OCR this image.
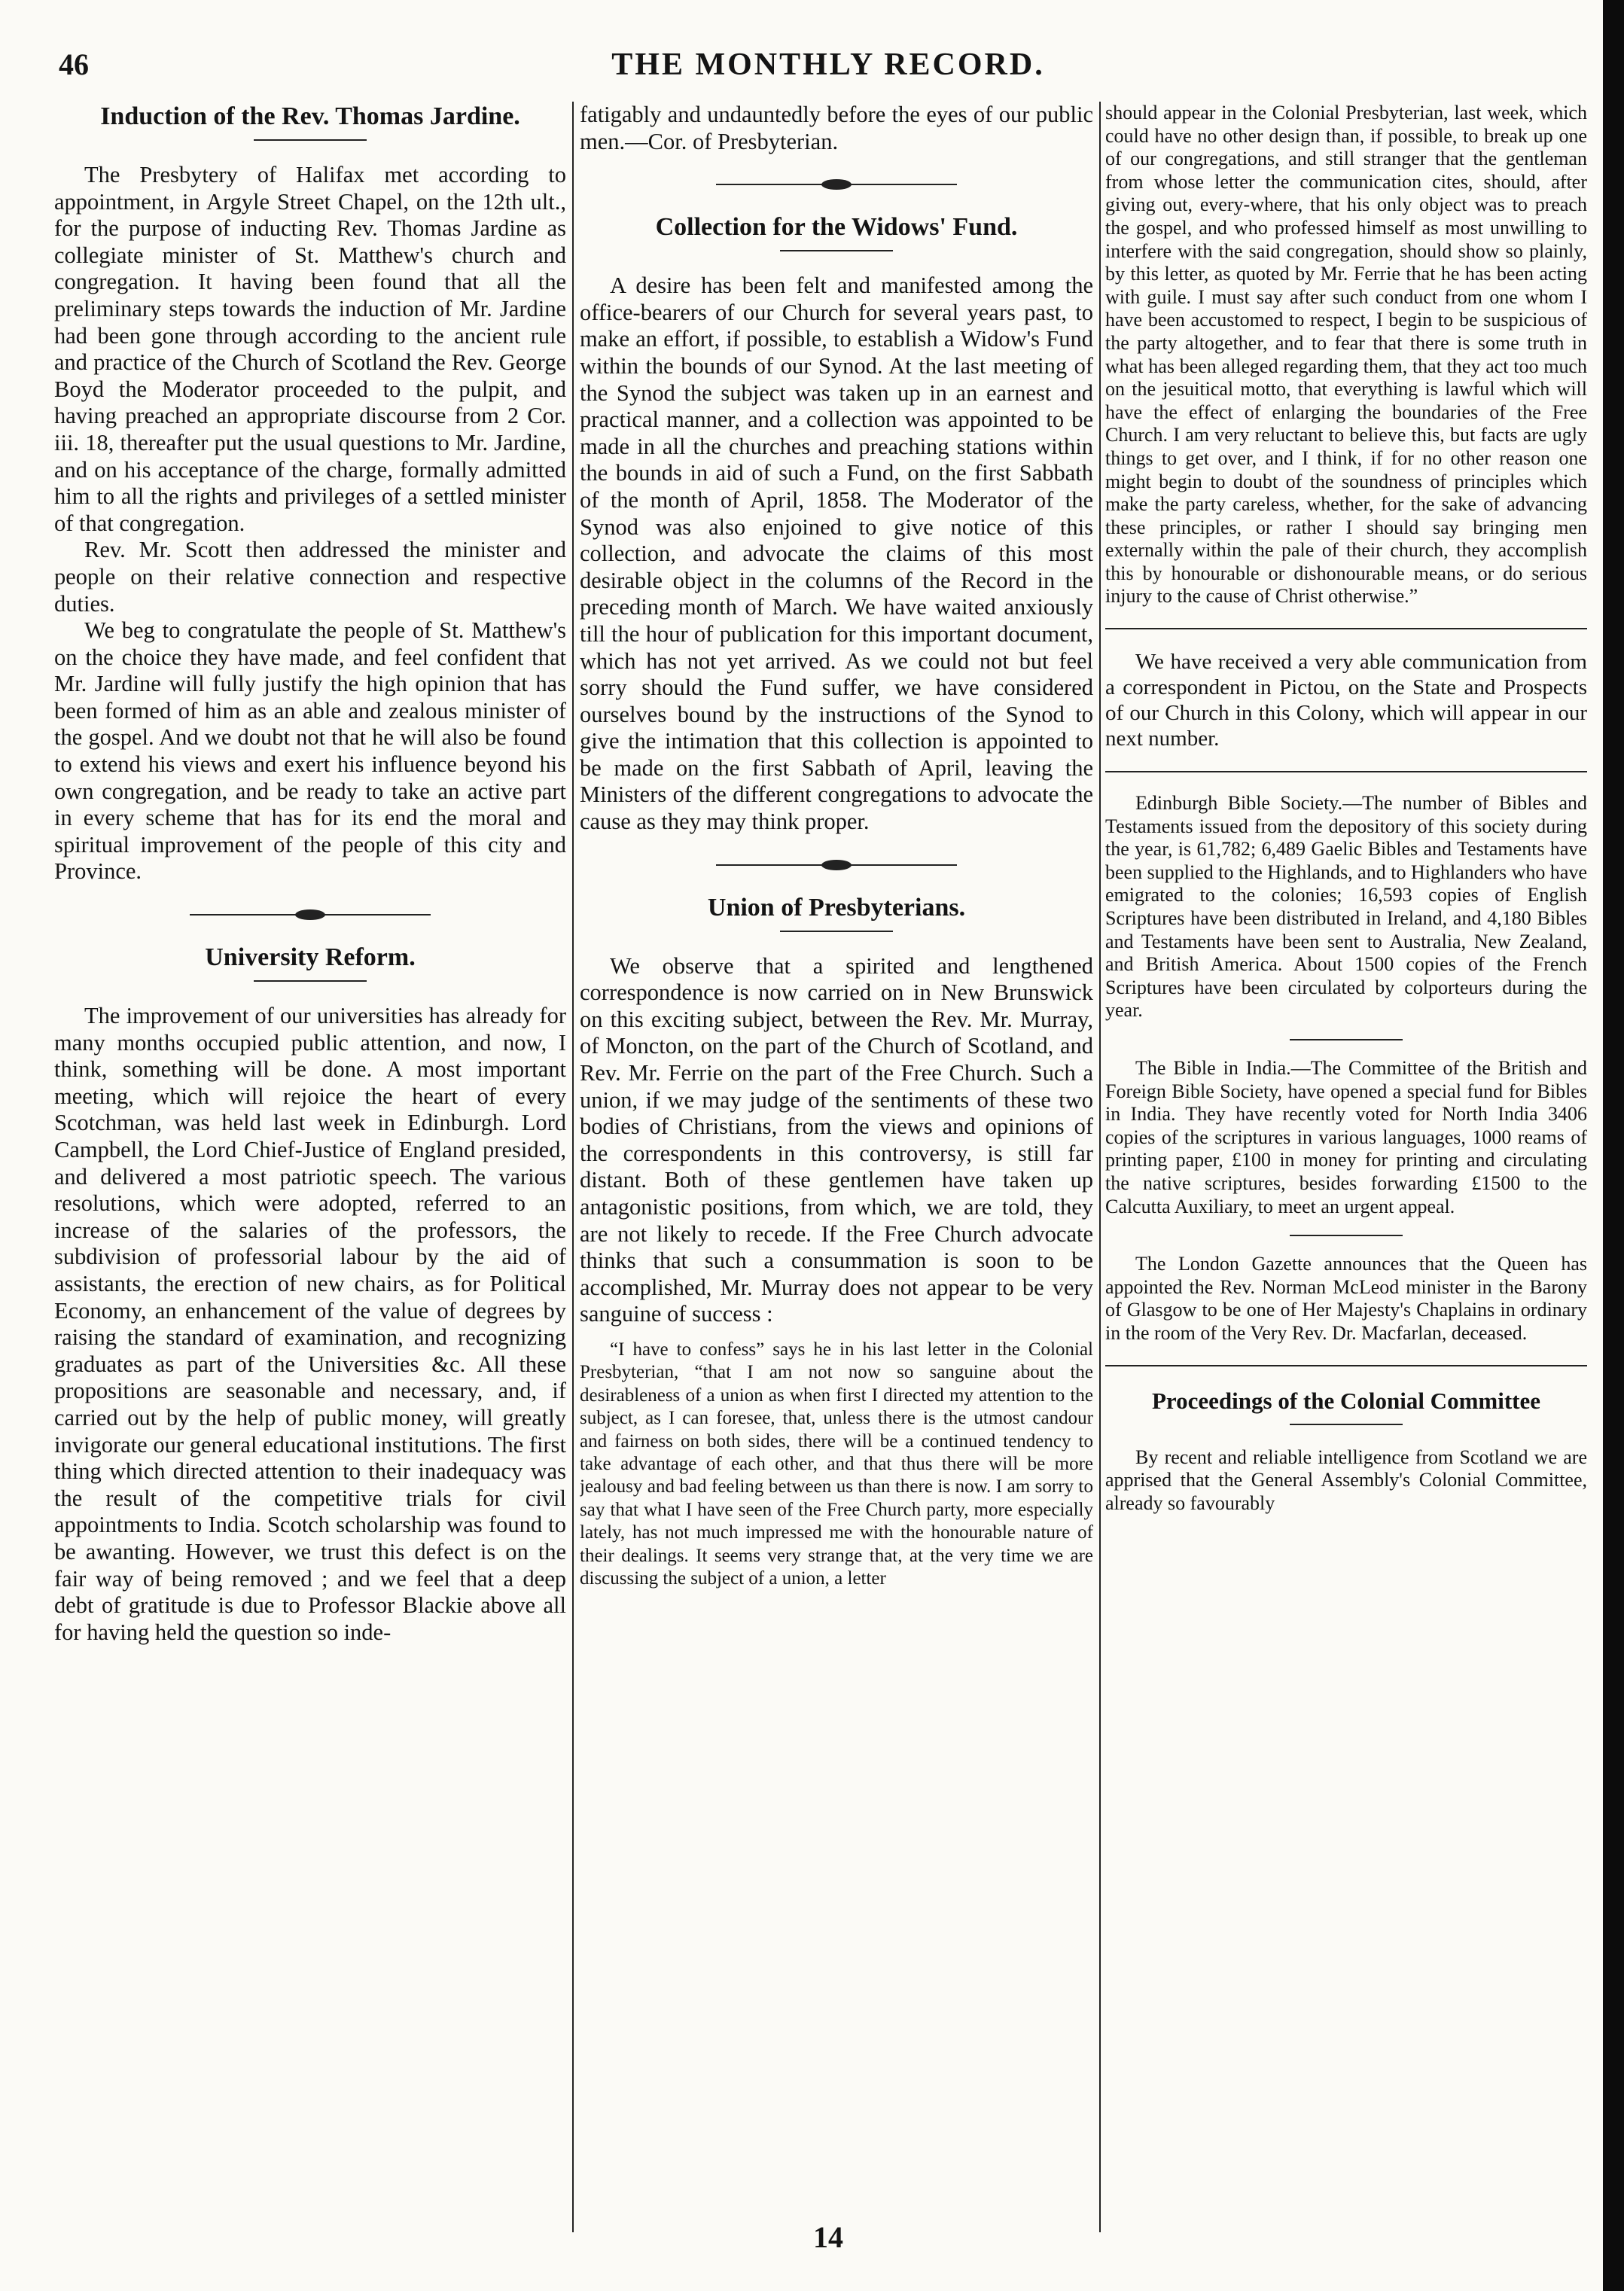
46	THE MONTHLY RECORD.
Induction of the Rev. Thomas Jardine.

The Presbytery of Halifax met according to appointment, in Argyle Street Chapel, on the 12th ult., for the purpose of inducting Rev. Thomas Jardine as collegiate minister of St. Matthew's church and congregation. It having been found that all the preliminary steps towards the induction of Mr. Jardine had been gone through according to the ancient rule and practice of the Church of Scotland the Rev. George Boyd the Moderator proceeded to the pulpit, and having preached an appropriate discourse from 2 Cor. iii. 18, thereafter put the usual questions to Mr. Jardine, and on his acceptance of the charge, formally admitted him to all the rights and privileges of a settled minister of that congregation.

Rev. Mr. Scott then addressed the minister and people on their relative connection and respective duties.

We beg to congratulate the people of St. Matthew's on the choice they have made, and feel confident that Mr. Jardine will fully justify the high opinion that has been formed of him as an able and zealous minister of the gospel. And we doubt not that he will also be found to extend his views and exert his influence beyond his own congregation, and be ready to take an active part in every scheme that has for its end the moral and spiritual improvement of the people of this city and Province.

University Reform.

The improvement of our universities has already for many months occupied public attention, and now, I think, something will be done. A most important meeting, which will rejoice the heart of every Scotchman, was held last week in Edinburgh. Lord Campbell, the Lord Chief-Justice of England presided, and delivered a most patriotic speech. The various resolutions, which were adopted, referred to an increase of the salaries of the professors, the subdivision of professorial labour by the aid of assistants, the erection of new chairs, as for Political Economy, an enhancement of the value of degrees by raising the standard of examination, and recognizing graduates as part of the Universities &c. All these propositions are seasonable and necessary, and, if carried out by the help of public money, will greatly invigorate our general educational institutions. The first thing which directed attention to their inadequacy was the result of the competitive trials for civil appointments to India. Scotch scholarship was found to be awanting. However, we trust this defect is on the fair way of being removed ; and we feel that a deep debt of gratitude is due to Professor Blackie above all for having held the question so inde-

fatigably and undauntedly before the eyes of our public men.—Cor. of Presbyterian.

Collection for the Widows' Fund.

A desire has been felt and manifested among the office-bearers of our Church for several years past, to make an effort, if possible, to establish a Widow's Fund within the bounds of our Synod. At the last meeting of the Synod the subject was taken up in an earnest and practical manner, and a collection was appointed to be made in all the churches and preaching stations within the bounds in aid of such a Fund, on the first Sabbath of the month of April, 1858. The Moderator of the Synod was also enjoined to give notice of this collection, and advocate the claims of this most desirable object in the columns of the Record in the preceding month of March. We have waited anxiously till the hour of publication for this important document, which has not yet arrived. As we could not but feel sorry should the Fund suffer, we have considered ourselves bound by the instructions of the Synod to give the intimation that this collection is appointed to be made on the first Sabbath of April, leaving the Ministers of the different congregations to advocate the cause as they may think proper.

Union of Presbyterians.

We observe that a spirited and lengthened correspondence is now carried on in New Brunswick on this exciting subject, between the Rev. Mr. Murray, of Moncton, on the part of the Church of Scotland, and Rev. Mr. Ferrie on the part of the Free Church. Such a union, if we may judge of the sentiments of these two bodies of Christians, from the views and opinions of the correspondents in this controversy, is still far distant. Both of these gentlemen have taken up antagonistic positions, from which, we are told, they are not likely to recede. If the Free Church advocate thinks that such a consummation is soon to be accomplished, Mr. Murray does not appear to be very sanguine of success :

“I have to confess” says he in his last letter in the Colonial Presbyterian, “that I am not now so sanguine about the desirableness of a union as when first I directed my attention to the subject, as I can foresee, that, unless there is the utmost candour and fairness on both sides, there will be a continued tendency to take advantage of each other, and that thus there will be more jealousy and bad feeling between us than there is now. I am sorry to say that what I have seen of the Free Church party, more especially lately, has not much impressed me with the honourable nature of their dealings. It seems very strange that, at the very time we are discussing the subject of a union, a letter

should appear in the Colonial Presbyterian, last week, which could have no other design than, if possible, to break up one of our congregations, and still stranger that the gentleman from whose letter the communication cites, should, after giving out, every-where, that his only object was to preach the gospel, and who professed himself as most unwilling to interfere with the said congregation, should show so plainly, by this letter, as quoted by Mr. Ferrie that he has been acting with guile. I must say after such conduct from one whom I have been accustomed to respect, I begin to be suspicious of the party altogether, and to fear that there is some truth in what has been alleged regarding them, that they act too much on the jesuitical motto, that everything is lawful which will have the effect of enlarging the boundaries of the Free Church. I am very reluctant to believe this, but facts are ugly things to get over, and I think, if for no other reason one might begin to doubt of the soundness of principles which make the party careless, whether, for the sake of advancing these principles, or rather I should say bringing men externally within the pale of their church, they accomplish this by honourable or dishonourable means, or do serious injury to the cause of Christ otherwise.”

We have received a very able communication from a correspondent in Pictou, on the State and Prospects of our Church in this Colony, which will appear in our next number.

Edinburgh Bible Society.—The number of Bibles and Testaments issued from the depository of this society during the year, is 61,782; 6,489 Gaelic Bibles and Testaments have been supplied to the Highlands, and to Highlanders who have emigrated to the colonies; 16,593 copies of English Scriptures have been distributed in Ireland, and 4,180 Bibles and Testaments have been sent to Australia, New Zealand, and British America. About 1500 copies of the French Scriptures have been circulated by colporteurs during the year.

The Bible in India.—The Committee of the British and Foreign Bible Society, have opened a special fund for Bibles in India. They have recently voted for North India 3406 copies of the scriptures in various languages, 1000 reams of printing paper, £100 in money for printing and circulating the native scriptures, besides forwarding £1500 to the Calcutta Auxiliary, to meet an urgent appeal.

The London Gazette announces that the Queen has appointed the Rev. Norman McLeod minister in the Barony of Glasgow to be one of Her Majesty's Chaplains in ordinary in the room of the Very Rev. Dr. Macfarlan, deceased.

Proceedings of the Colonial Committee

By recent and reliable intelligence from Scotland we are apprised that the General Assembly's Colonial Committee, already so favourably

14
